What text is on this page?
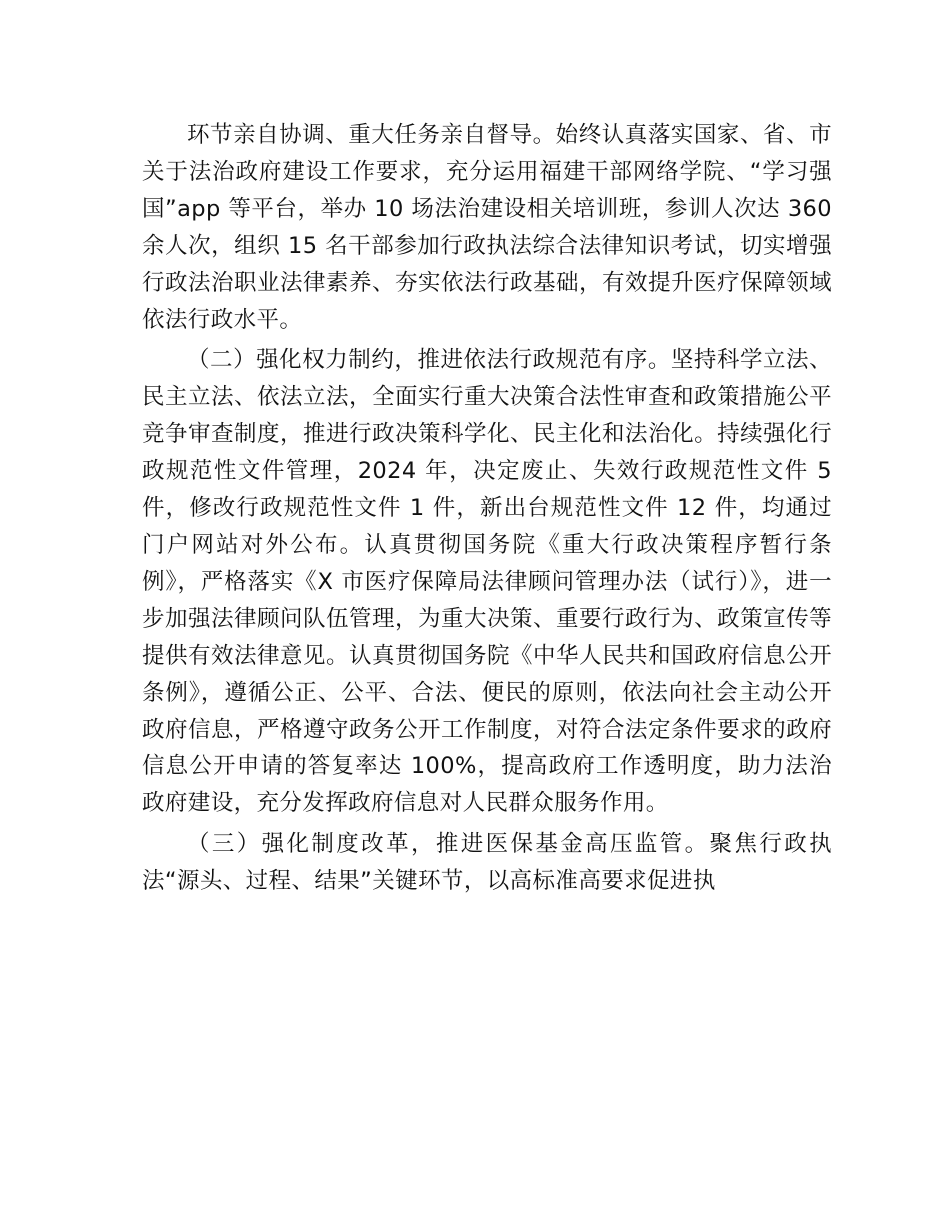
环节亲自协调、重大任务亲自督导。始终认真落实国家、省、市关于法治政府建设工作要求，充分运用福建干部网络学院、“学习强国”app 等平台，举办 10 场法治建设相关培训班，参训人次达 360 余人次，组织 15 名干部参加行政执法综合法律知识考试，切实增强行政法治职业法律素养、夯实依法行政基础，有效提升医疗保障领域依法行政水平。

（二）强化权力制约，推进依法行政规范有序。坚持科学立法、民主立法、依法立法，全面实行重大决策合法性审查和政策措施公平竞争审查制度，推进行政决策科学化、民主化和法治化。持续强化行政规范性文件管理，2024 年，决定废止、失效行政规范性文件 5 件，修改行政规范性文件 1 件，新出台规范性文件 12 件，均通过门户网站对外公布。认真贯彻国务院《重大行政决策程序暂行条例》，严格落实《X 市医疗保障局法律顾问管理办法（试行）》，进一步加强法律顾问队伍管理，为重大决策、重要行政行为、政策宣传等提供有效法律意见。认真贯彻国务院《中华人民共和国政府信息公开条例》，遵循公正、公平、合法、便民的原则，依法向社会主动公开政府信息，严格遵守政务公开工作制度，对符合法定条件要求的政府信息公开申请的答复率达 100%，提高政府工作透明度，助力法治政府建设，充分发挥政府信息对人民群众服务作用。

（三）强化制度改革，推进医保基金高压监管。聚焦行政执法“源头、过程、结果”关键环节，以高标准高要求促进执
